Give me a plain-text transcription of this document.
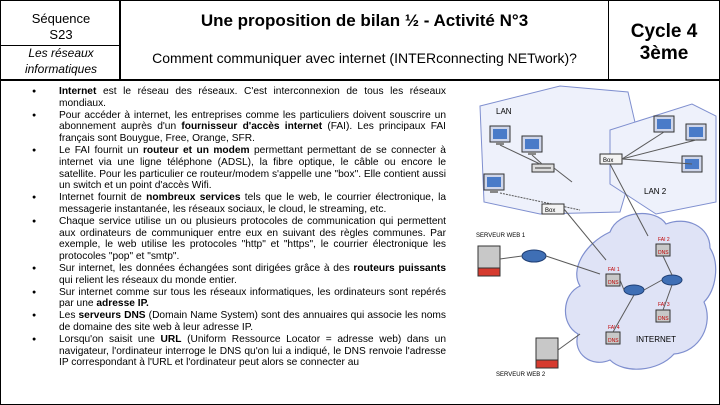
Séquence
S23
Les réseaux informatiques
Une proposition de bilan ½ - Activité N°3
Comment communiquer avec internet (INTERconnecting NETwork)?
Cycle 4
3ème
● Internet est le réseau des réseaux. C'est interconnexion de tous les réseaux mondiaux.
● Pour accéder à internet, les entreprises comme les particuliers doivent souscrire un abonnement auprès d'un fournisseur d'accès internet (FAI). Les principaux FAI français sont Bouygue, Free, Orange, SFR.
● Le FAI fournit un routeur et un modem permettant permettant de se connecter à internet via une ligne téléphone (ADSL), la fibre optique, le câble ou encore le satellite. Pour les particulier ce routeur/modem s'appelle une "box". Elle contient aussi un switch et un point d'accès Wifi.
● Internet fournit de nombreux services tels que le web, le courrier électronique, la messagerie instantanée, les réseaux sociaux, le cloud, le streaming, etc.
● Chaque service utilise un ou plusieurs protocoles de communication qui permettent aux ordinateurs de communiquer entre eux en suivant des règles communes. Par exemple, le web utilise les protocoles "http" et "https", le courrier électronique les protocoles "pop" et "smtp".
● Sur internet, les données échangées sont dirigées grâce à des routeurs puissants qui relient les réseaux du monde entier.
● Sur internet comme sur tous les réseaux informatiques, les ordinateurs sont repérés par une adresse IP.
● Les serveurs DNS (Domain Name System) sont des annuaires qui associe les noms de domaine des site web à leur adresse IP.
● Lorsqu'on saisit une URL (Uniform Ressource Locator = adresse web) dans un navigateur, l'ordinateur interroge le DNS qu'on lui a indiqué, le DNS renvoie l'adresse IP correspondant à l'URL et l'ordinateur peut alors se connecter au
LAN
LAN 2
Box
Box
INTERNET
SERVEUR WEB 1
SERVEUR WEB 2
FAI 1
DNS
FAI 2
DNS
FAI 3
DNS
FAI 4
DNS
